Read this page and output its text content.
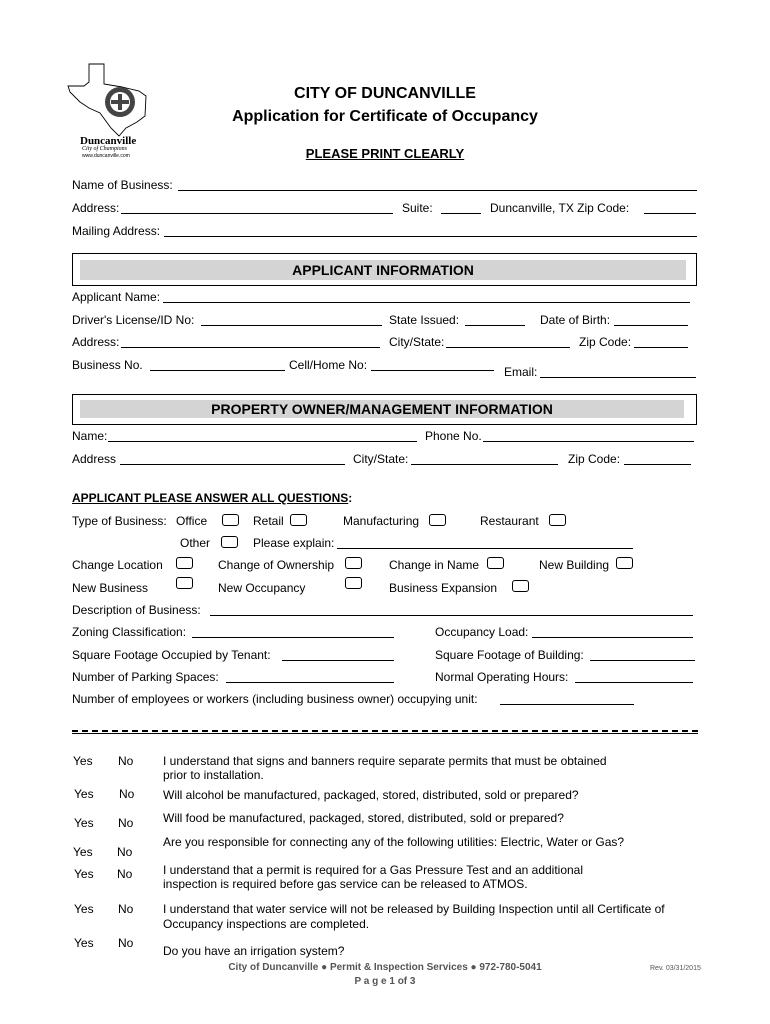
Duncanville
City of Champions
www.duncanville.com
CITY OF DUNCANVILLE
Application for Certificate of Occupancy
PLEASE PRINT CLEARLY
Name of Business:
Address:	Suite:	Duncanville, TX Zip Code:
Mailing Address:
APPLICANT INFORMATION
Applicant Name:
Driver's License/ID No:	State Issued:	Date of Birth:
Address:	City/State:	Zip Code:
Business No.	Cell/Home No:	Email:
PROPERTY OWNER/MANAGEMENT INFORMATION
Name:	Phone No.
Address	City/State:	Zip Code:
APPLICANT PLEASE ANSWER ALL QUESTIONS:
Type of Business: Office	Retail	Manufacturing	Restaurant
Other	Please explain:
Change Location	Change of Ownership	Change in Name	New Building
New Business	New Occupancy	Business Expansion
Description of Business:
Zoning Classification:	Occupancy Load:
Square Footage Occupied by Tenant:	Square Footage of Building:
Number of Parking Spaces:	Normal Operating Hours:
Number of employees or workers (including business owner) occupying unit:
Yes No I understand that signs and banners require separate permits that must be obtained
prior to installation.
Yes No Will alcohol be manufactured, packaged, stored, distributed, sold or prepared?
Yes No Will food be manufactured, packaged, stored, distributed, sold or prepared?
Yes No
Are you responsible for connecting any of the following utilities: Electric, Water or Gas?
Yes No	I understand that a permit is required for a Gas Pressure Test and an additional
inspection is required before gas service can be released to ATMOS.
Yes No I understand that water service will not be released by Building Inspection until all Certificate of
Occupancy inspections are completed.
Yes No
Do you have an irrigation system?
City of Duncanville ● Permit & Inspection Services ● 972-780-5041	Rev. 03/31/2015
P a g e 1 of 3
